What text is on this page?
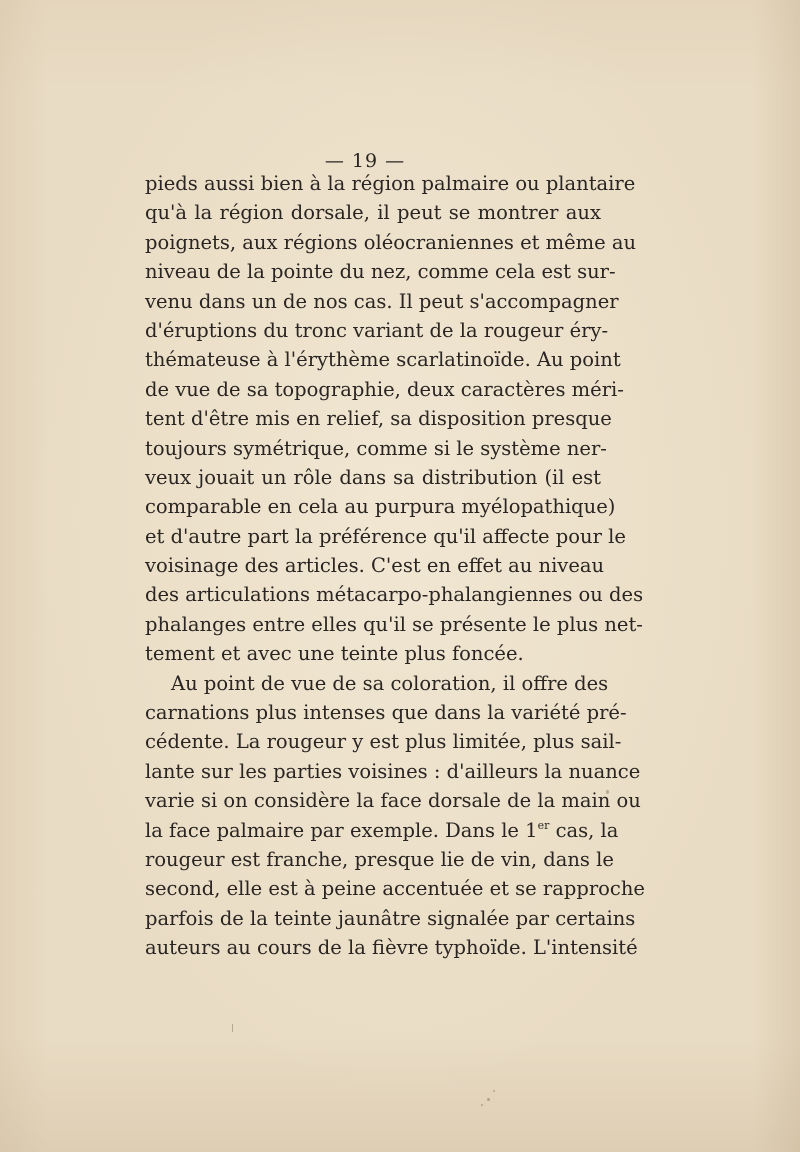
— 19 —
pieds aussi bien à la région palmaire ou plantaire
qu'à la région dorsale, il peut se montrer aux
poignets, aux régions oléocraniennes et même au
niveau de la pointe du nez, comme cela est sur-
venu dans un de nos cas. Il peut s'accompagner
d'éruptions du tronc variant de la rougeur éry-
thémateuse à l'érythème scarlatinoïde. Au point
de vue de sa topographie, deux caractères méri-
tent d'être mis en relief, sa disposition presque
toujours symétrique, comme si le système ner-
veux jouait un rôle dans sa distribution (il est
comparable en cela au purpura myélopathique)
et d'autre part la préférence qu'il affecte pour le
voisinage des articles. C'est en effet au niveau
des articulations métacarpo-phalangiennes ou des
phalanges entre elles qu'il se présente le plus net-
tement et avec une teinte plus foncée.
Au point de vue de sa coloration, il offre des
carnations plus intenses que dans la variété pré-
cédente. La rougeur y est plus limitée, plus sail-
lante sur les parties voisines : d'ailleurs la nuance
varie si on considère la face dorsale de la main ou
la face palmaire par exemple. Dans le 1er cas, la
rougeur est franche, presque lie de vin, dans le
second, elle est à peine accentuée et se rapproche
parfois de la teinte jaunâtre signalée par certains
auteurs au cours de la fièvre typhoïde. L'intensité
